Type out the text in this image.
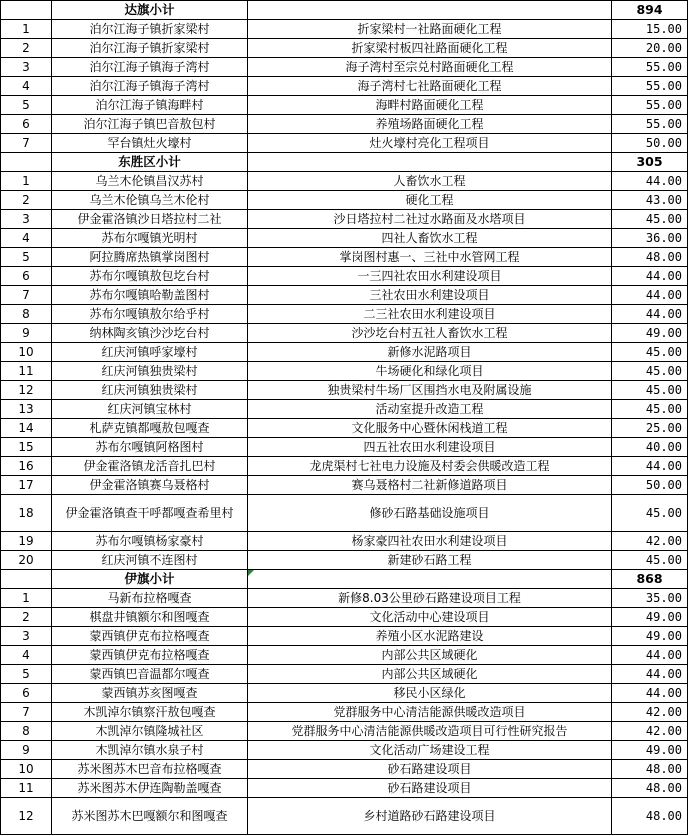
	达旗小计		894
1	泊尔江海子镇折家梁村	折家梁村一社路面硬化工程	15.00
2	泊尔江海子镇折家梁村	折家梁村板四社路面硬化工程	20.00
3	泊尔江海子镇海子湾村	海子湾村至宗兑村路面硬化工程	55.00
4	泊尔江海子镇海子湾村	海子湾村七社路面硬化工程	55.00
5	泊尔江海子镇海畔村	海畔村路面硬化工程	55.00
6	泊尔江海子镇巴音敖包村	养殖场路面硬化工程	55.00
7	罕台镇灶火壕村	灶火壕村亮化工程项目	50.00
	东胜区小计		305
1	乌兰木伦镇昌汉苏村	人畜饮水工程	44.00
2	乌兰木伦镇乌兰木伦村	硬化工程	43.00
3	伊金霍洛镇沙日塔拉村二社	沙日塔拉村二社过水路面及水塔项目	45.00
4	苏布尔嘎镇光明村	四社人畜饮水工程	36.00
5	阿拉腾席热镇掌岗图村	掌岗图村惠一、三社中水管网工程	48.00
6	苏布尔嘎镇敖包圪台村	一三四社农田水利建设项目	44.00
7	苏布尔嘎镇哈勒盖图村	三社农田水利建设项目	44.00
8	苏布尔嘎镇敖尔给乎村	二三社农田水利建设项目	44.00
9	纳林陶亥镇沙沙圪台村	沙沙圪台村五社人畜饮水工程	49.00
10	红庆河镇呼家壕村	新修水泥路项目	45.00
11	红庆河镇独贵梁村	牛场硬化和绿化项目	45.00
12	红庆河镇独贵梁村	独贵梁村牛场厂区围挡水电及附属设施	45.00
13	红庆河镇宝林村	活动室提升改造工程	45.00
14	札萨克镇都嘎敖包嘎查	文化服务中心暨休闲栈道工程	25.00
15	苏布尔嘎镇阿格图村	四五社农田水利建设项目	40.00
16	伊金霍洛镇龙活音扎巴村	龙虎渠村七社电力设施及村委会供暖改造工程	44.00
17	伊金霍洛镇赛乌聂格村	赛乌聂格村二社新修道路项目	50.00
18	伊金霍洛镇查干呼都嘎查希里村	修砂石路基础设施项目	45.00
19	苏布尔嘎镇杨家豪村	杨家豪四社农田水利建设项目	42.00
20	红庆河镇不连图村	新建砂石路工程	45.00
	伊旗小计		868
1	马新布拉格嘎查	新修8.03公里砂石路建设项目工程	35.00
2	棋盘井镇额尔和图嘎查	文化活动中心建设项目	49.00
3	蒙西镇伊克布拉格嘎查	养殖小区水泥路建设	49.00
4	蒙西镇伊克布拉格嘎查	内部公共区域硬化	44.00
5	蒙西镇巴音温都尔嘎查	内部公共区域硬化	44.00
6	蒙西镇苏亥图嘎查	移民小区绿化	44.00
7	木凯淖尔镇察汗敖包嘎查	党群服务中心清洁能源供暖改造项目	42.00
8	木凯淖尔镇隆城社区	党群服务中心清洁能源供暖改造项目可行性研究报告	42.00
9	木凯淖尔镇水泉子村	文化活动广场建设工程	49.00
10	苏米图苏木巴音布拉格嘎查	砂石路建设项目	48.00
11	苏米图苏木伊连陶勒盖嘎查	砂石路建设项目	48.00
12	苏米图苏木巴嘎额尔和图嘎查	乡村道路砂石路建设项目	48.00
